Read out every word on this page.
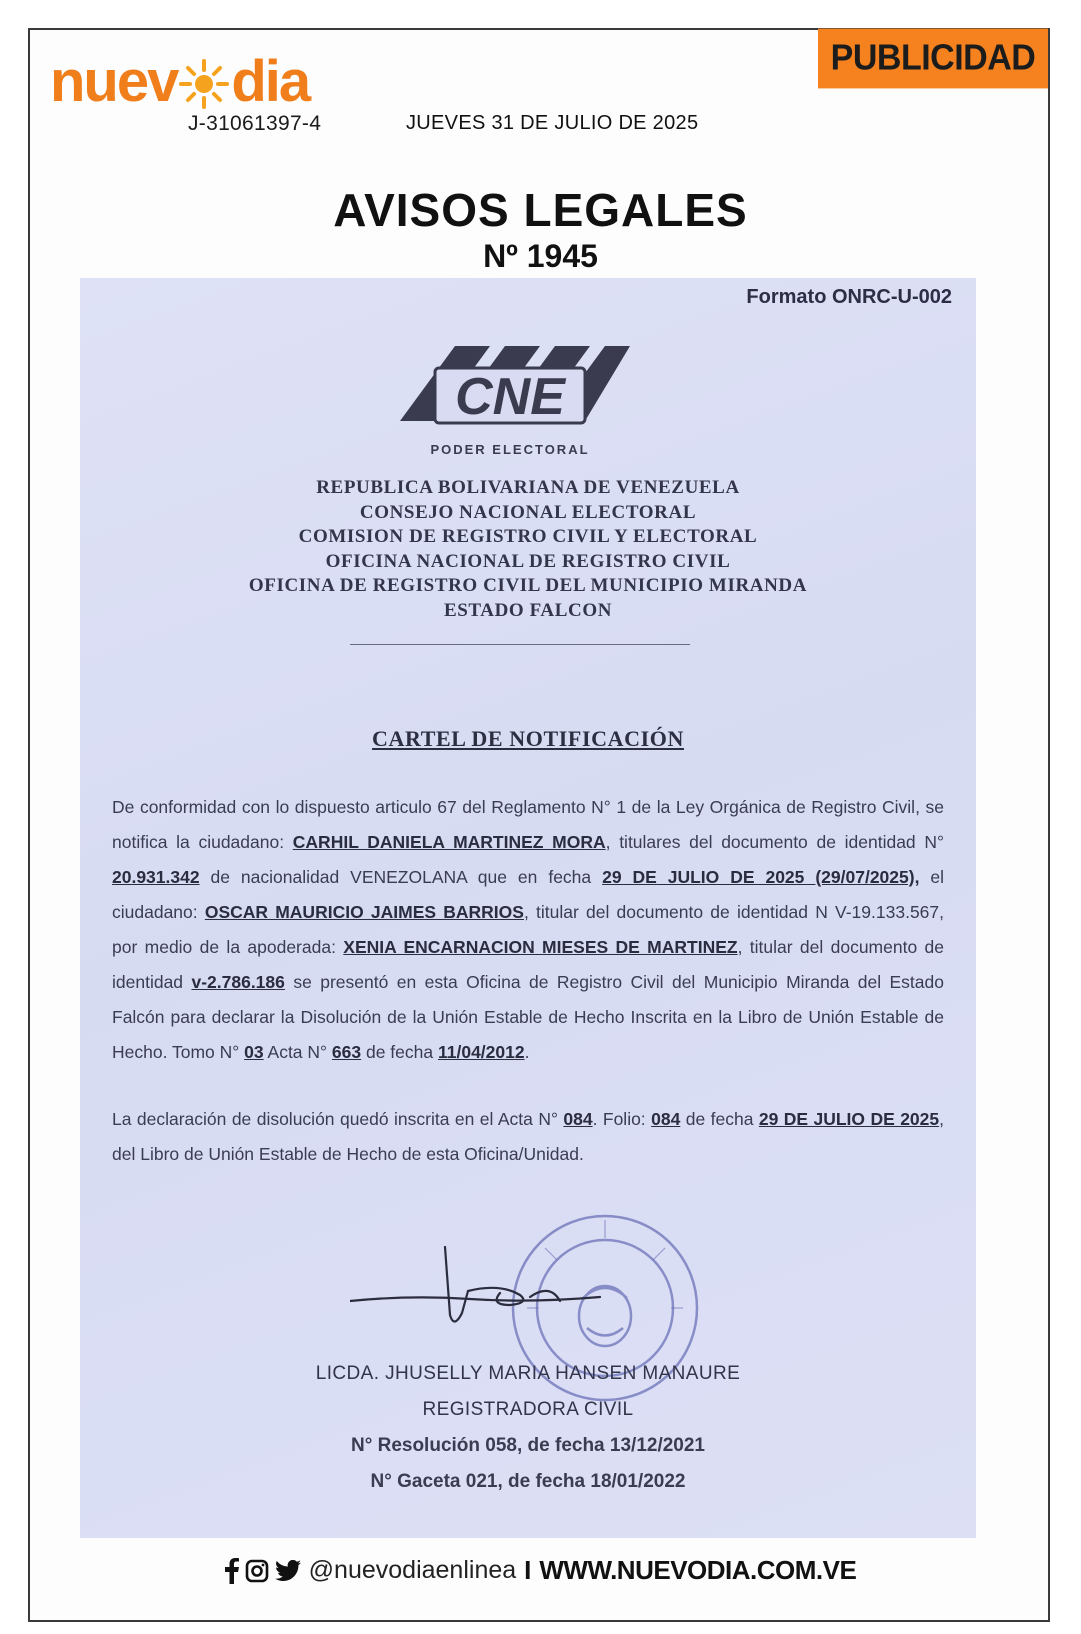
nuev dia
J-31061397-4	JUEVES 31 DE JULIO DE 2025
PUBLICIDAD
AVISOS LEGALES
Nº 1945
Formato ONRC-U-002
CNE
PODER ELECTORAL
REPUBLICA BOLIVARIANA DE VENEZUELA
CONSEJO NACIONAL ELECTORAL
COMISION DE REGISTRO CIVIL Y ELECTORAL
OFICINA NACIONAL DE REGISTRO CIVIL
OFICINA DE REGISTRO CIVIL DEL MUNICIPIO MIRANDA
ESTADO FALCON
CARTEL DE NOTIFICACIÓN

De conformidad con lo dispuesto articulo 67 del Reglamento N° 1 de la Ley Orgánica de Registro Civil, se notifica la ciudadano: CARHIL DANIELA MARTINEZ MORA, titulares del documento de identidad N° 20.931.342 de nacionalidad VENEZOLANA que en fecha 29 DE JULIO DE 2025 (29/07/2025), el ciudadano: OSCAR MAURICIO JAIMES BARRIOS, titular del documento de identidad N V-19.133.567, por medio de la apoderada: XENIA ENCARNACION MIESES DE MARTINEZ, titular del documento de identidad v-2.786.186 se presentó en esta Oficina de Registro Civil del Municipio Miranda del Estado Falcón para declarar la Disolución de la Unión Estable de Hecho Inscrita en la Libro de Unión Estable de Hecho. Tomo N° 03 Acta N° 663 de fecha 11/04/2012.

La declaración de disolución quedó inscrita en el Acta N° 084. Folio: 084 de fecha 29 DE JULIO DE 2025, del Libro de Unión Estable de Hecho de esta Oficina/Unidad.

LICDA. JHUSELLY MARIA HANSEN MANAURE
REGISTRADORA CIVIL
N° Resolución 058, de fecha 13/12/2021
N° Gaceta 021, de fecha 18/01/2022
@nuevodiaenlinea I WWW.NUEVODIA.COM.VE
